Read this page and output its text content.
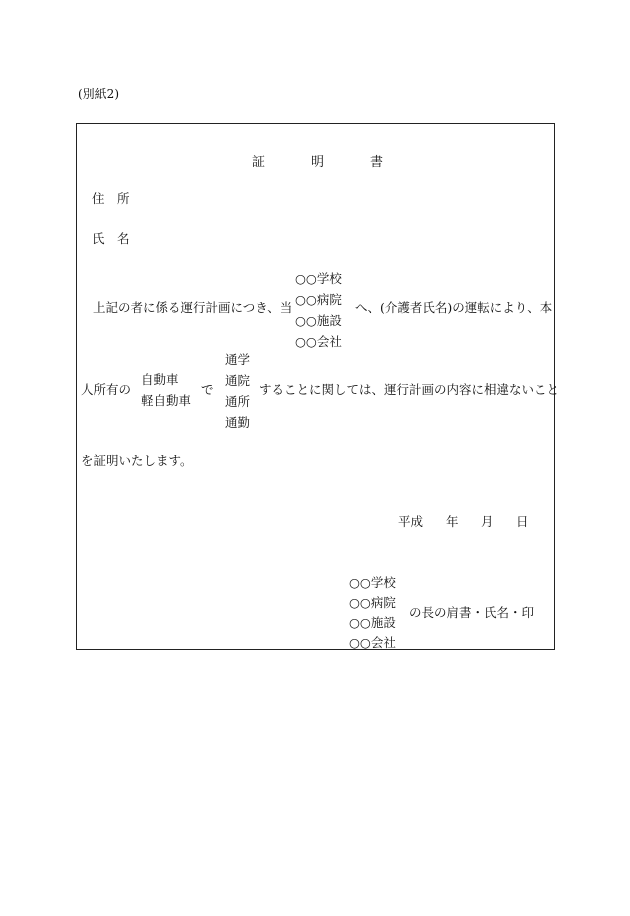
(別紙2)
証	明	書
住　所
氏　名
上記の者に係る運行計画につき、当
○○学校
○○病院
○○施設
○○会社
へ、(介護者氏名)の運転により、本
人所有の
自動車
軽自動車
で
通学
通院
通所
通勤
することに関しては、運行計画の内容に相違ないこと
を証明いたします。
平成 年 月 日
○○学校
○○病院
○○施設
○○会社
の長の肩書・氏名・印
